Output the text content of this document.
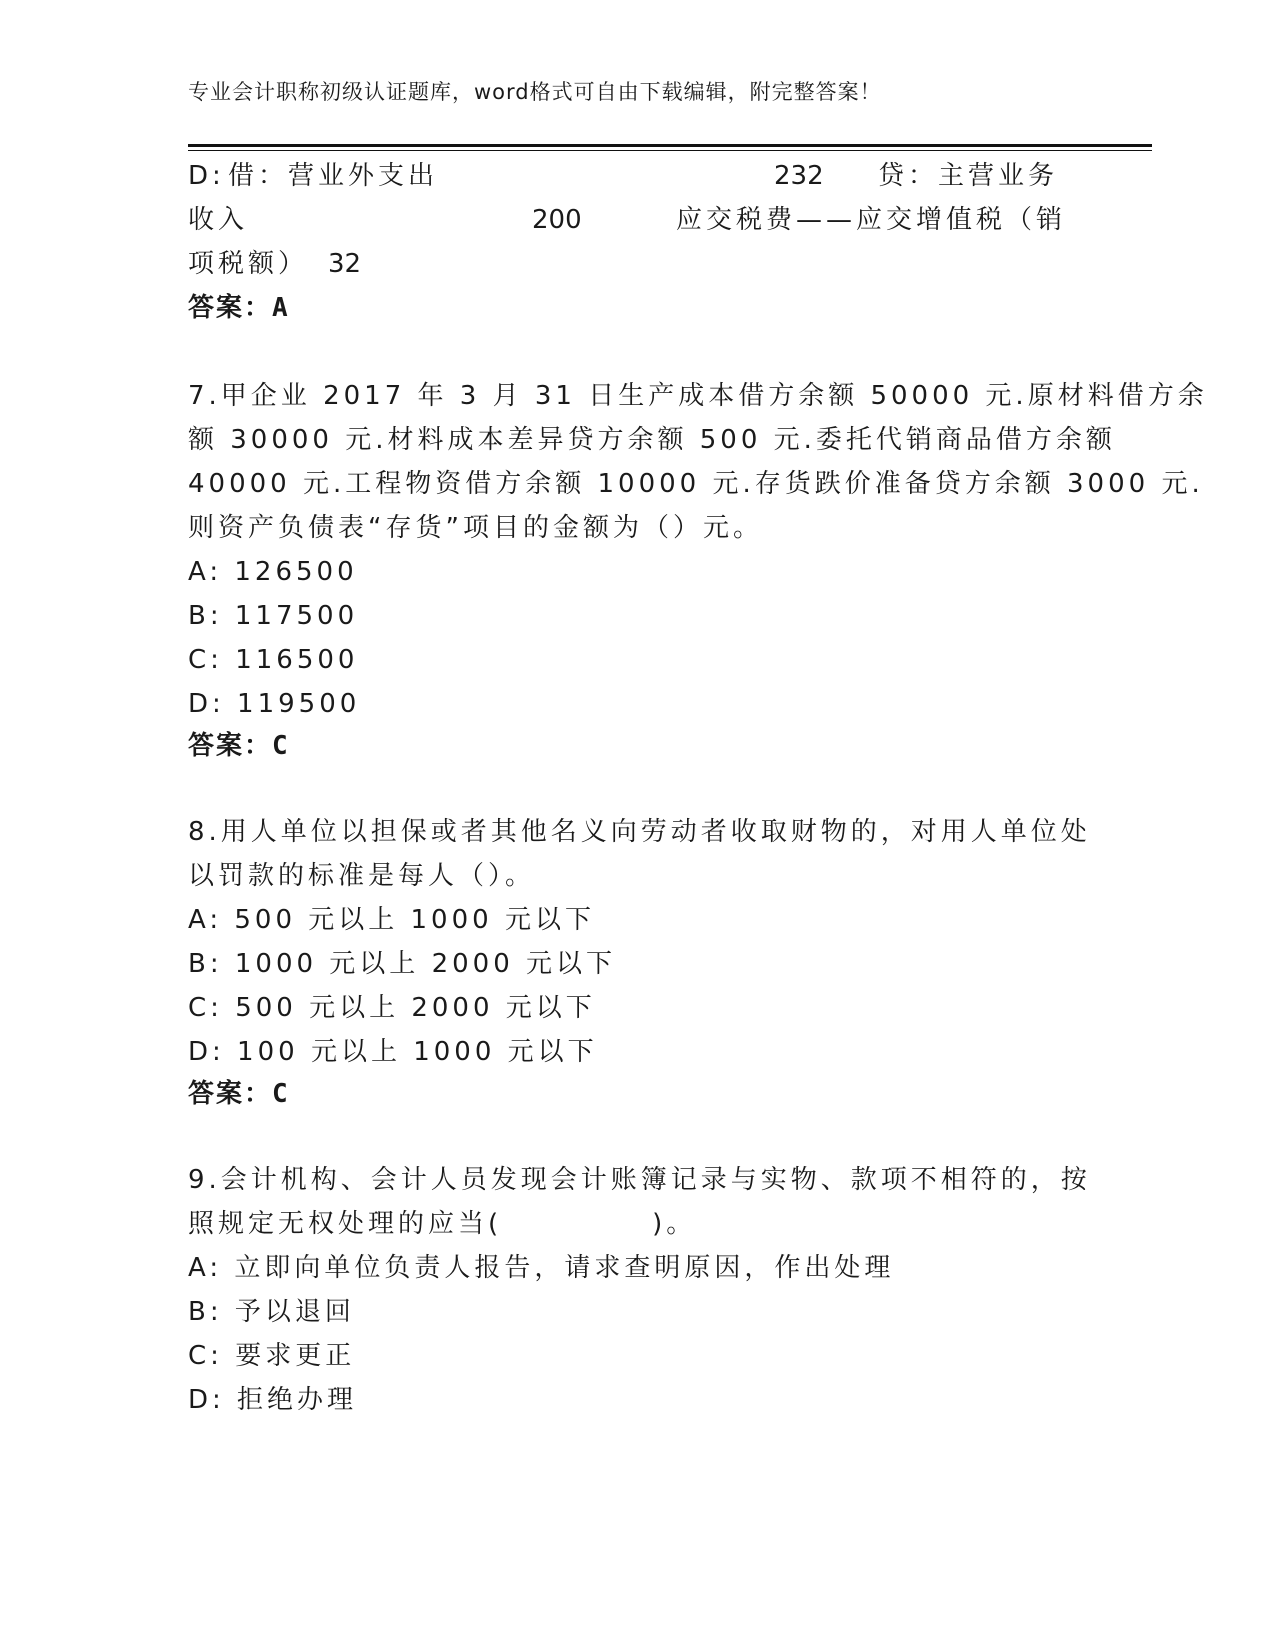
专业会计职称初级认证题库，word格式可自由下载编辑，附完整答案！
D: 借：营业外支出	232 贷：主营业务
收入	200	应交税费——应交增值税（销
项税额） 32
答案：A
7.甲企业 2017 年 3 月 31 日生产成本借方余额 50000 元.原材料借方余
额 30000 元.材料成本差异贷方余额 500 元.委托代销商品借方余额
40000 元.工程物资借方余额 10000 元.存货跌价准备贷方余额 3000 元.
则资产负债表“存货”项目的金额为（）元。
A: 126500
B: 117500
C: 116500
D: 119500
答案：C
8.用人单位以担保或者其他名义向劳动者收取财物的，对用人单位处
以罚款的标准是每人（）。
A: 500 元以上 1000 元以下
B: 1000 元以上 2000 元以下
C: 500 元以上 2000 元以下
D: 100 元以上 1000 元以下
答案：C
9.会计机构、会计人员发现会计账簿记录与实物、款项不相符的，按
照规定无权处理的应当(　　　　　)。
A: 立即向单位负责人报告，请求查明原因，作出处理
B: 予以退回
C: 要求更正
D: 拒绝办理
